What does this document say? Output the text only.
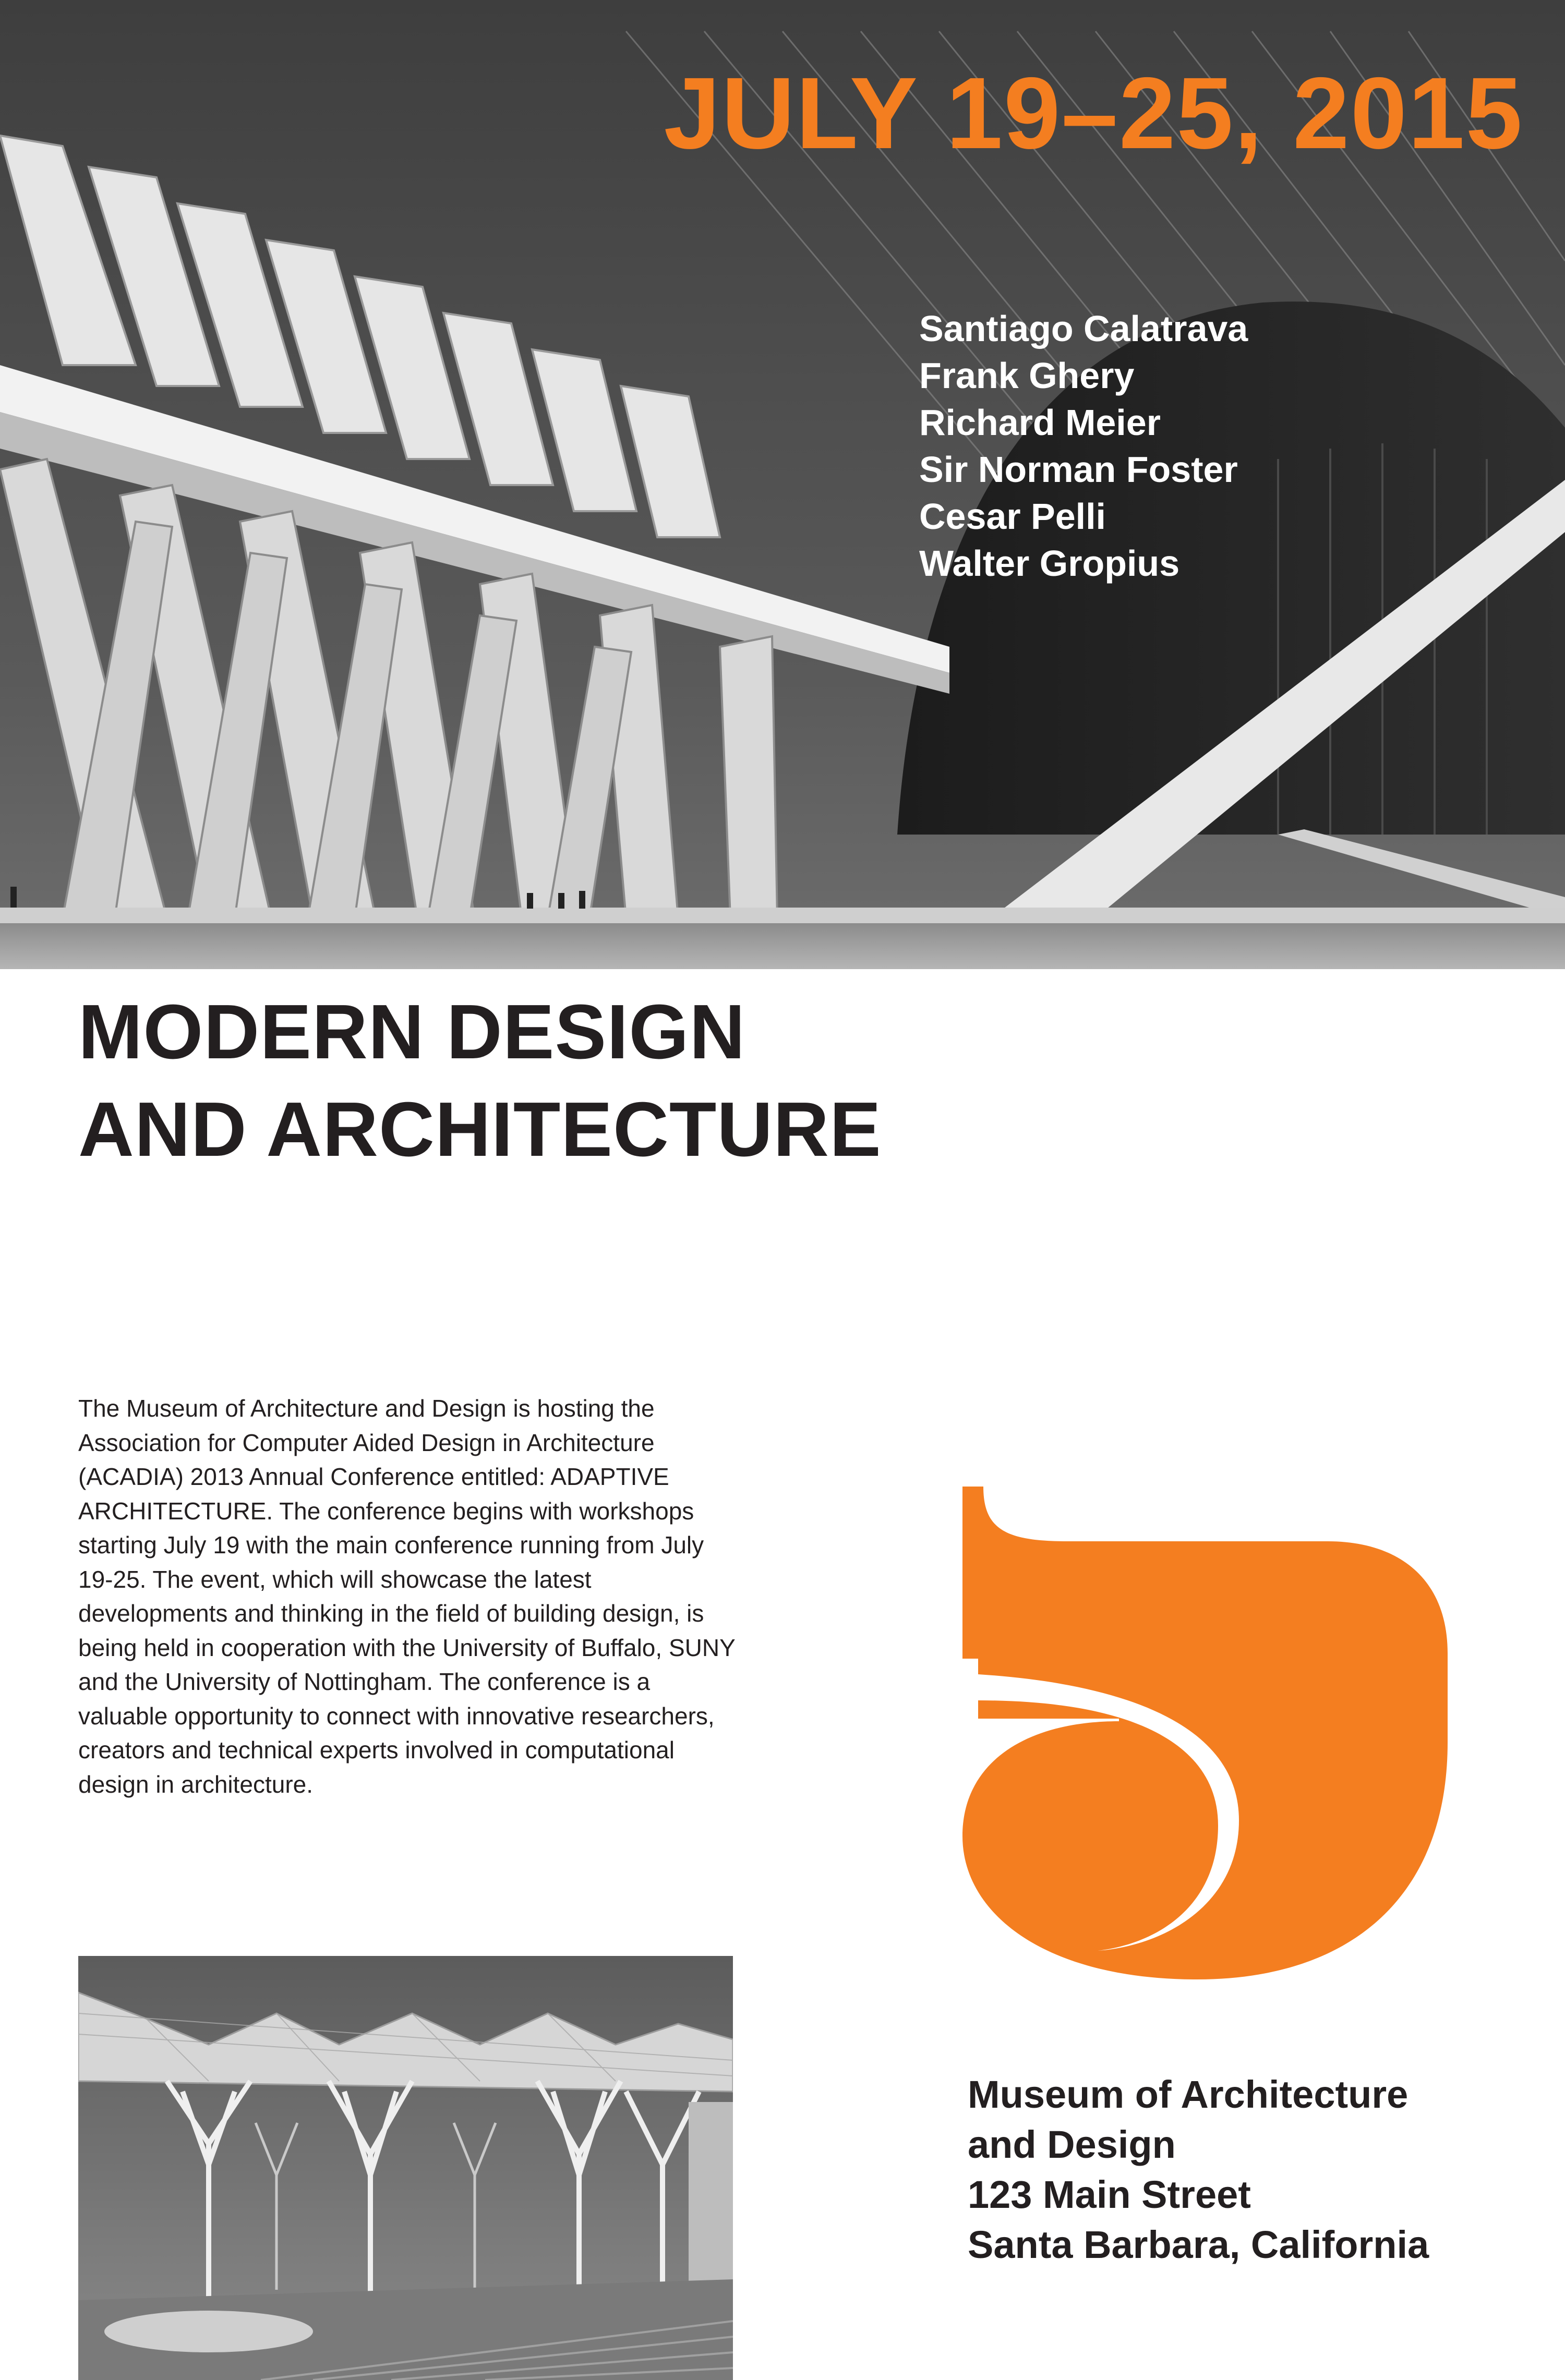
JULY 19–25, 2015
Santiago Calatrava
Frank Ghery
Richard Meier
Sir Norman Foster
Cesar Pelli
Walter Gropius
MODERN DESIGN
AND ARCHITECTURE

The Museum of Architecture and Design is hosting the Association for Computer Aided Design in Architecture (ACADIA) 2013 Annual Conference entitled: ADAPTIVE ARCHITECTURE. The conference begins with workshops starting July 19 with the main conference running from July 19-25. The event, which will showcase the latest developments and thinking in the field of building design, is being held in cooperation with the University of Buffalo, SUNY and the University of Nottingham. The conference is a valuable opportunity to connect with innovative researchers, creators and technical experts involved in computational design in architecture.

Museum of Architecture
and Design
123 Main Street
Santa Barbara, California
